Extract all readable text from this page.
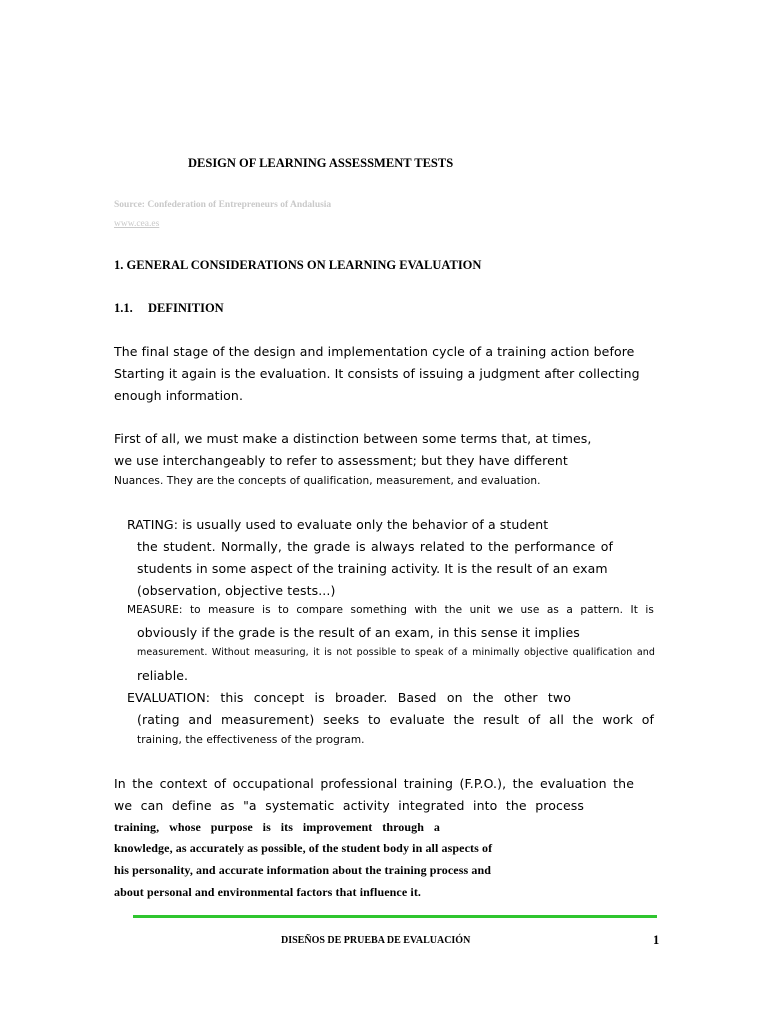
DESIGN OF LEARNING ASSESSMENT TESTS
Source: Confederation of Entrepreneurs of Andalusia
www.cea.es
1. GENERAL CONSIDERATIONS ON LEARNING EVALUATION
1.1. DEFINITION
The final stage of the design and implementation cycle of a training action before
Starting it again is the evaluation. It consists of issuing a judgment after collecting
enough information.
First of all, we must make a distinction between some terms that, at times,
we use interchangeably to refer to assessment; but they have different
Nuances. They are the concepts of qualification, measurement, and evaluation.
RATING: is usually used to evaluate only the behavior of a student
the student. Normally, the grade is always related to the performance of
students in some aspect of the training activity. It is the result of an exam
(observation, objective tests...)
MEASURE: to measure is to compare something with the unit we use as a pattern. It is
obviously if the grade is the result of an exam, in this sense it implies
measurement. Without measuring, it is not possible to speak of a minimally objective qualification and
reliable.
EVALUATION: this concept is broader. Based on the other two
(rating and measurement) seeks to evaluate the result of all the work of
training, the effectiveness of the program.
In the context of occupational professional training (F.P.O.), the evaluation the
we can define as "a systematic activity integrated into the process
training, whose purpose is its improvement through a
knowledge, as accurately as possible, of the student body in all aspects of
his personality, and accurate information about the training process and
about personal and environmental factors that influence it.
DISEÑOS DE PRUEBA DE EVALUACIÓN	1
